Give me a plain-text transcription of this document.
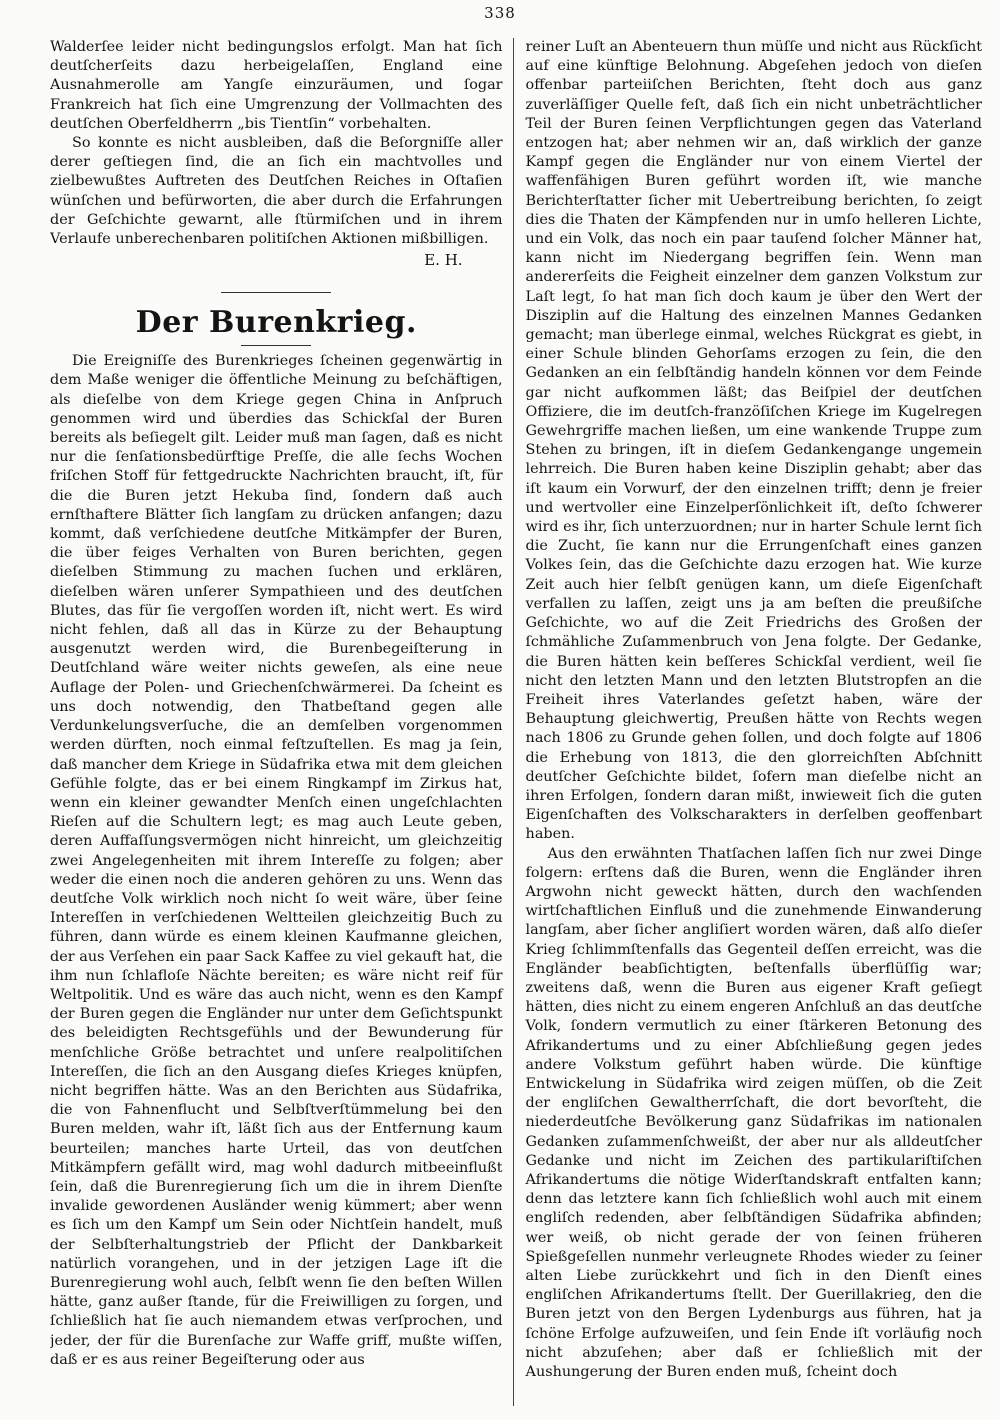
338

Walderſee leider nicht bedingungslos erfolgt. Man hat ſich deutſcherſeits dazu herbeigelaſſen, England eine Ausnahmerolle am Yangſe einzuräumen, und ſogar Frankreich hat ſich eine Umgrenzung der Vollmachten des deutſchen Oberfeldherrn „bis Tientſin“ vorbehalten.

So konnte es nicht ausbleiben, daß die Beſorgniſſe aller derer geſtiegen ſind, die an ſich ein machtvolles und zielbewußtes Auftreten des Deutſchen Reiches in Oſtaſien wünſchen und befürworten, die aber durch die Erfahrungen der Geſchichte gewarnt, alle ſtürmiſchen und in ihrem Verlaufe unberechenbaren politiſchen Aktionen mißbilligen.

E. H.
Der Burenkrieg.

Die Ereigniſſe des Burenkrieges ſcheinen gegenwärtig in dem Maße weniger die öffentliche Meinung zu beſchäftigen, als dieſelbe von dem Kriege gegen China in Anſpruch genommen wird und überdies das Schickſal der Buren bereits als beſiegelt gilt. Leider muß man ſagen, daß es nicht nur die ſenſationsbedürftige Preſſe, die alle ſechs Wochen friſchen Stoff für fettgedruckte Nachrichten braucht, iſt, für die die Buren jetzt Hekuba ſind, ſondern daß auch ernſthaftere Blätter ſich langſam zu drücken anfangen; dazu kommt, daß verſchiedene deutſche Mitkämpfer der Buren, die über feiges Verhalten von Buren berichten, gegen dieſelben Stimmung zu machen ſuchen und erklären, dieſelben wären unſerer Sympathieen und des deutſchen Blutes, das für ſie vergoſſen worden iſt, nicht wert. Es wird nicht fehlen, daß all das in Kürze zu der Behauptung ausgenutzt werden wird, die Burenbegeiſterung in Deutſchland wäre weiter nichts geweſen, als eine neue Auflage der Polen- und Griechenſchwärmerei. Da ſcheint es uns doch notwendig, den Thatbeſtand gegen alle Verdunkelungsverſuche, die an demſelben vorgenommen werden dürften, noch einmal feſtzuſtellen. Es mag ja ſein, daß mancher dem Kriege in Südafrika etwa mit dem gleichen Gefühle folgte, das er bei einem Ringkampf im Zirkus hat, wenn ein kleiner gewandter Menſch einen ungeſchlachten Rieſen auf die Schultern legt; es mag auch Leute geben, deren Auffaſſungsvermögen nicht hinreicht, um gleichzeitig zwei Angelegenheiten mit ihrem Intereſſe zu folgen; aber weder die einen noch die anderen gehören zu uns. Wenn das deutſche Volk wirklich noch nicht ſo weit wäre, über ſeine Intereſſen in verſchiedenen Weltteilen gleichzeitig Buch zu führen, dann würde es einem kleinen Kaufmanne gleichen, der aus Verſehen ein paar Sack Kaffee zu viel gekauft hat, die ihm nun ſchlafloſe Nächte bereiten; es wäre nicht reif für Weltpolitik. Und es wäre das auch nicht, wenn es den Kampf der Buren gegen die Engländer nur unter dem Geſichtspunkt des beleidigten Rechtsgefühls und der Bewunderung für menſchliche Größe betrachtet und unſere realpolitiſchen Intereſſen, die ſich an den Ausgang dieſes Krieges knüpfen, nicht begriffen hätte. Was an den Berichten aus Südafrika, die von Fahnenflucht und Selbſtverſtümmelung bei den Buren melden, wahr iſt, läßt ſich aus der Entfernung kaum beurteilen; manches harte Urteil, das von deutſchen Mitkämpfern gefällt wird, mag wohl dadurch mitbeeinflußt ſein, daß die Burenregierung ſich um die in ihrem Dienſte invalide gewordenen Ausländer wenig kümmert; aber wenn es ſich um den Kampf um Sein oder Nichtſein handelt, muß der Selbſterhaltungstrieb der Pflicht der Dankbarkeit natürlich vorangehen, und in der jetzigen Lage iſt die Burenregierung wohl auch, ſelbſt wenn ſie den beſten Willen hätte, ganz außer ſtande, für die Freiwilligen zu ſorgen, und ſchließlich hat ſie auch niemandem etwas verſprochen, und jeder, der für die Burenſache zur Waffe griff, mußte wiſſen, daß er es aus reiner Begeiſterung oder aus

reiner Luſt an Abenteuern thun müſſe und nicht aus Rückſicht auf eine künftige Belohnung. Abgeſehen jedoch von dieſen offenbar parteiiſchen Berichten, ſteht doch aus ganz zuverläſſiger Quelle feſt, daß ſich ein nicht unbeträchtlicher Teil der Buren ſeinen Verpflichtungen gegen das Vaterland entzogen hat; aber nehmen wir an, daß wirklich der ganze Kampf gegen die Engländer nur von einem Viertel der waffenfähigen Buren geführt worden iſt, wie manche Berichterſtatter ſicher mit Uebertreibung berichten, ſo zeigt dies die Thaten der Kämpfenden nur in umſo helleren Lichte, und ein Volk, das noch ein paar tauſend ſolcher Männer hat, kann nicht im Niedergang begriffen ſein. Wenn man andererſeits die Feigheit einzelner dem ganzen Volkstum zur Laſt legt, ſo hat man ſich doch kaum je über den Wert der Disziplin auf die Haltung des einzelnen Mannes Gedanken gemacht; man überlege einmal, welches Rückgrat es giebt, in einer Schule blinden Gehorſams erzogen zu ſein, die den Gedanken an ein ſelbſtändig handeln können vor dem Feinde gar nicht aufkommen läßt; das Beiſpiel der deutſchen Offiziere, die im deutſch-franzöſiſchen Kriege im Kugelregen Gewehrgriffe machen ließen, um eine wankende Truppe zum Stehen zu bringen, iſt in dieſem Gedankengange ungemein lehrreich. Die Buren haben keine Disziplin gehabt; aber das iſt kaum ein Vorwurf, der den einzelnen trifft; denn je freier und wertvoller eine Einzelperſönlichkeit iſt, deſto ſchwerer wird es ihr, ſich unterzuordnen; nur in harter Schule lernt ſich die Zucht, ſie kann nur die Errungenſchaft eines ganzen Volkes ſein, das die Geſchichte dazu erzogen hat. Wie kurze Zeit auch hier ſelbſt genügen kann, um dieſe Eigenſchaft verfallen zu laſſen, zeigt uns ja am beſten die preußiſche Geſchichte, wo auf die Zeit Friedrichs des Großen der ſchmähliche Zuſammenbruch von Jena folgte. Der Gedanke, die Buren hätten kein beſſeres Schickſal verdient, weil ſie nicht den letzten Mann und den letzten Blutstropfen an die Freiheit ihres Vaterlandes geſetzt haben, wäre der Behauptung gleichwertig, Preußen hätte von Rechts wegen nach 1806 zu Grunde gehen ſollen, und doch folgte auf 1806 die Erhebung von 1813, die den glorreichſten Abſchnitt deutſcher Geſchichte bildet, ſofern man dieſelbe nicht an ihren Erfolgen, ſondern daran mißt, inwieweit ſich die guten Eigenſchaften des Volkscharakters in derſelben geoffenbart haben.

Aus den erwähnten Thatſachen laſſen ſich nur zwei Dinge folgern: erſtens daß die Buren, wenn die Engländer ihren Argwohn nicht geweckt hätten, durch den wachſenden wirtſchaftlichen Einfluß und die zunehmende Einwanderung langſam, aber ſicher angliſiert worden wären, daß alſo dieſer Krieg ſchlimmſtenfalls das Gegenteil deſſen erreicht, was die Engländer beabſichtigten, beſtenfalls überflüſſig war; zweitens daß, wenn die Buren aus eigener Kraft geſiegt hätten, dies nicht zu einem engeren Anſchluß an das deutſche Volk, ſondern vermutlich zu einer ſtärkeren Betonung des Afrikandertums und zu einer Abſchließung gegen jedes andere Volkstum geführt haben würde. Die künftige Entwickelung in Südafrika wird zeigen müſſen, ob die Zeit der engliſchen Gewaltherrſchaft, die dort bevorſteht, die niederdeutſche Bevölkerung ganz Südafrikas im nationalen Gedanken zuſammenſchweißt, der aber nur als alldeutſcher Gedanke und nicht im Zeichen des partikulariſtiſchen Afrikandertums die nötige Widerſtandskraft entfalten kann; denn das letztere kann ſich ſchließlich wohl auch mit einem engliſch redenden, aber ſelbſtändigen Südafrika abfinden; wer weiß, ob nicht gerade der von ſeinen früheren Spießgeſellen nunmehr verleugnete Rhodes wieder zu ſeiner alten Liebe zurückkehrt und ſich in den Dienſt eines engliſchen Afrikandertums ſtellt. Der Guerillakrieg, den die Buren jetzt von den Bergen Lydenburgs aus führen, hat ja ſchöne Erfolge aufzuweiſen, und ſein Ende iſt vorläufig noch nicht abzuſehen; aber daß er ſchließlich mit der Aushungerung der Buren enden muß, ſcheint doch
